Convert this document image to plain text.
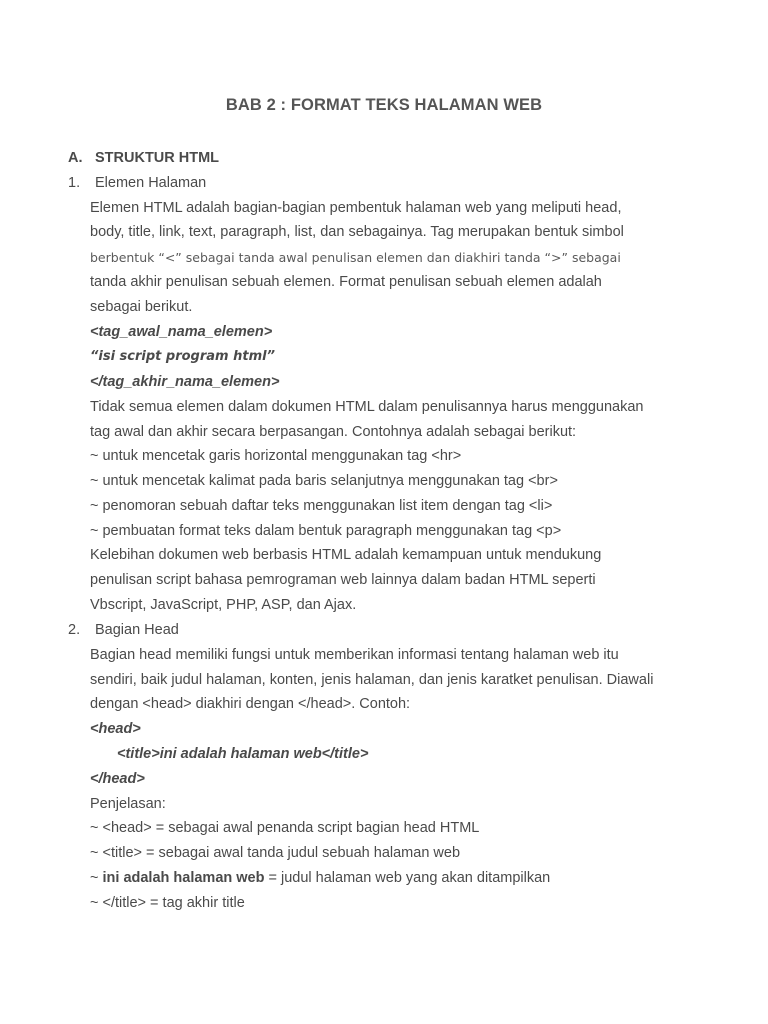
BAB 2 : FORMAT TEKS HALAMAN WEB
A. STRUKTUR HTML
1. Elemen Halaman
Elemen HTML adalah bagian-bagian pembentuk halaman web yang meliputi head,
body, title, link, text, paragraph, list, dan sebagainya. Tag merupakan bentuk simbol
berbentuk “<” sebagai tanda awal penulisan elemen dan diakhiri tanda “>” sebagai
tanda akhir penulisan sebuah elemen. Format penulisan sebuah elemen adalah
sebagai berikut.
<tag_awal_nama_elemen>
“isi script program html”
</tag_akhir_nama_elemen>
Tidak semua elemen dalam dokumen HTML dalam penulisannya harus menggunakan
tag awal dan akhir secara berpasangan. Contohnya adalah sebagai berikut:
~ untuk mencetak garis horizontal menggunakan tag <hr>
~ untuk mencetak kalimat pada baris selanjutnya menggunakan tag <br>
~ penomoran sebuah daftar teks menggunakan list item dengan tag <li>
~ pembuatan format teks dalam bentuk paragraph menggunakan tag <p>
Kelebihan dokumen web berbasis HTML adalah kemampuan untuk mendukung
penulisan script bahasa pemrograman web lainnya dalam badan HTML seperti
Vbscript, JavaScript, PHP, ASP, dan Ajax.
2. Bagian Head
Bagian head memiliki fungsi untuk memberikan informasi tentang halaman web itu
sendiri, baik judul halaman, konten, jenis halaman, dan jenis karatket penulisan. Diawali
dengan <head> diakhiri dengan </head>. Contoh:
<head>
<title>ini adalah halaman web</title>
</head>
Penjelasan:
~ <head> = sebagai awal penanda script bagian head HTML
~ <title> = sebagai awal tanda judul sebuah halaman web
~ ini adalah halaman web = judul halaman web yang akan ditampilkan
~ </title> = tag akhir title
